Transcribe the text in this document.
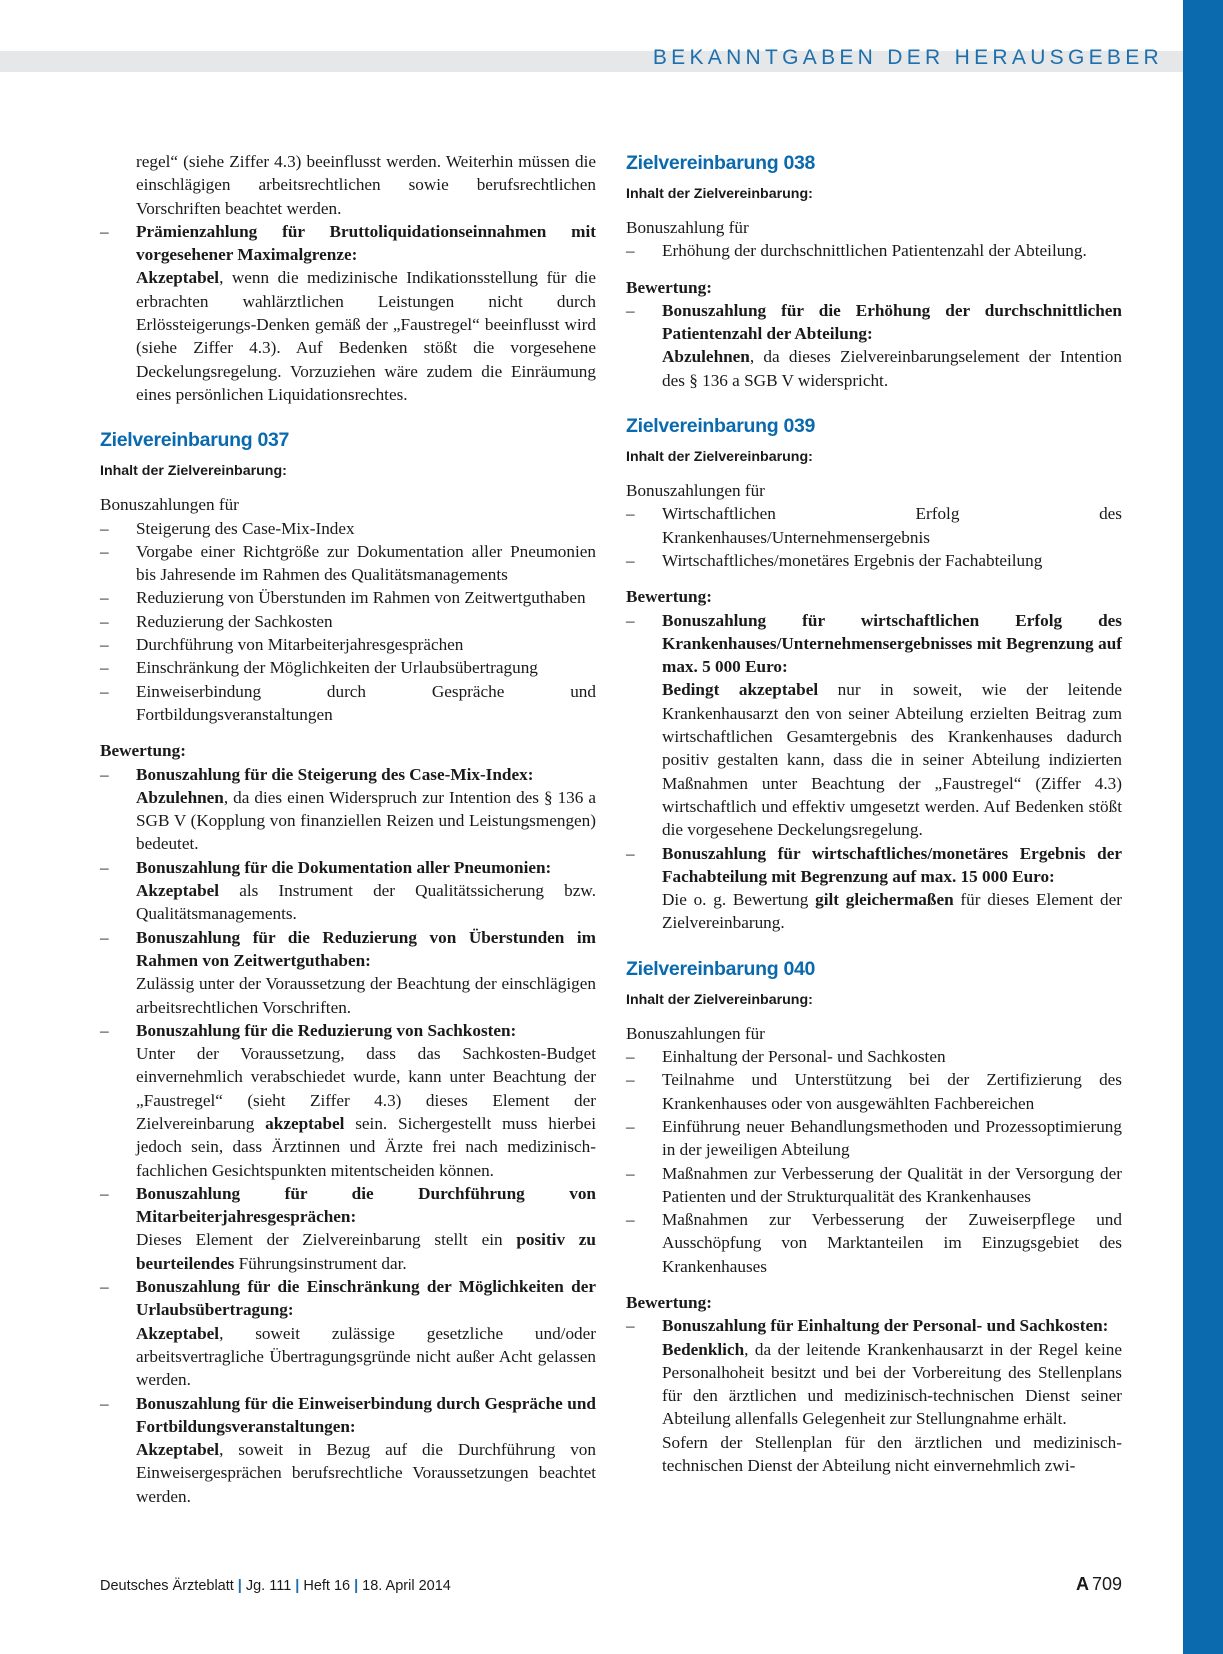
BEKANNTGABEN DER HERAUSGEBER

regel“ (siehe Ziffer 4.3) beeinflusst werden. Weiterhin müssen die einschlägigen arbeitsrechtlichen sowie berufsrechtlichen Vorschriften beachtet werden.

– Prämienzahlung für Bruttoliquidationseinnahmen mit vorgesehener Maximalgrenze:

Akzeptabel, wenn die medizinische Indikationsstellung für die erbrachten wahlärztlichen Leistungen nicht durch Erlössteigerungs-Denken gemäß der „Faustregel“ beeinflusst wird (siehe Ziffer 4.3). Auf Bedenken stößt die vorgesehene Deckelungsregelung. Vorzuziehen wäre zudem die Einräumung eines persönlichen Liquidationsrechtes.

Zielvereinbarung 037
Inhalt der Zielvereinbarung:

Bonuszahlungen für

– Steigerung des Case-Mix-Index
– Vorgabe einer Richtgröße zur Dokumentation aller Pneumonien bis Jahresende im Rahmen des Qualitätsmanagements
– Reduzierung von Überstunden im Rahmen von Zeitwertguthaben
– Reduzierung der Sachkosten
– Durchführung von Mitarbeiterjahresgesprächen
– Einschränkung der Möglichkeiten der Urlaubsübertragung
– Einweiserbindung durch Gespräche und Fortbildungsveranstaltungen

Bewertung:

– Bonuszahlung für die Steigerung des Case-Mix-Index:

Abzulehnen, da dies einen Widerspruch zur Intention des § 136 a SGB V (Kopplung von finanziellen Reizen und Leistungsmengen) bedeutet.

– Bonuszahlung für die Dokumentation aller Pneumonien:

Akzeptabel als Instrument der Qualitätssicherung bzw. Qualitätsmanagements.

– Bonuszahlung für die Reduzierung von Überstunden im Rahmen von Zeitwertguthaben:

Zulässig unter der Voraussetzung der Beachtung der einschlägigen arbeitsrechtlichen Vorschriften.

– Bonuszahlung für die Reduzierung von Sachkosten:

Unter der Voraussetzung, dass das Sachkosten-Budget einvernehmlich verabschiedet wurde, kann unter Beachtung der „Faustregel“ (sieht Ziffer 4.3) dieses Element der Zielvereinbarung akzeptabel sein. Sichergestellt muss hierbei jedoch sein, dass Ärztinnen und Ärzte frei nach medizinisch-fachlichen Gesichtspunkten mitentscheiden können.

– Bonuszahlung für die Durchführung von Mitarbeiterjahresgesprächen:

Dieses Element der Zielvereinbarung stellt ein positiv zu beurteilendes Führungsinstrument dar.

– Bonuszahlung für die Einschränkung der Möglichkeiten der Urlaubsübertragung:

Akzeptabel, soweit zulässige gesetzliche und/oder arbeitsvertragliche Übertragungsgründe nicht außer Acht gelassen werden.

– Bonuszahlung für die Einweiserbindung durch Gespräche und Fortbildungsveranstaltungen:

Akzeptabel, soweit in Bezug auf die Durchführung von Einweisergesprächen berufsrechtliche Voraussetzungen beachtet werden.

Zielvereinbarung 038
Inhalt der Zielvereinbarung:

Bonuszahlung für

– Erhöhung der durchschnittlichen Patientenzahl der Abteilung.

Bewertung:

– Bonuszahlung für die Erhöhung der durchschnittlichen Patientenzahl der Abteilung:

Abzulehnen, da dieses Zielvereinbarungselement der Intention des § 136 a SGB V widerspricht.

Zielvereinbarung 039
Inhalt der Zielvereinbarung:

Bonuszahlungen für

– Wirtschaftlichen Erfolg des Krankenhauses/Unternehmensergebnis
– Wirtschaftliches/monetäres Ergebnis der Fachabteilung

Bewertung:

– Bonuszahlung für wirtschaftlichen Erfolg des Krankenhauses/Unternehmensergebnisses mit Begrenzung auf max. 5 000 Euro:

Bedingt akzeptabel nur in soweit, wie der leitende Krankenhausarzt den von seiner Abteilung erzielten Beitrag zum wirtschaftlichen Gesamtergebnis des Krankenhauses dadurch positiv gestalten kann, dass die in seiner Abteilung indizierten Maßnahmen unter Beachtung der „Faustregel“ (Ziffer 4.3) wirtschaftlich und effektiv umgesetzt werden. Auf Bedenken stößt die vorgesehene Deckelungsregelung.

– Bonuszahlung für wirtschaftliches/monetäres Ergebnis der Fachabteilung mit Begrenzung auf max. 15 000 Euro:

Die o. g. Bewertung gilt gleichermaßen für dieses Element der Zielvereinbarung.

Zielvereinbarung 040
Inhalt der Zielvereinbarung:

Bonuszahlungen für

– Einhaltung der Personal- und Sachkosten
– Teilnahme und Unterstützung bei der Zertifizierung des Krankenhauses oder von ausgewählten Fachbereichen
– Einführung neuer Behandlungsmethoden und Prozessoptimierung in der jeweiligen Abteilung
– Maßnahmen zur Verbesserung der Qualität in der Versorgung der Patienten und der Strukturqualität des Krankenhauses
– Maßnahmen zur Verbesserung der Zuweiserpflege und Ausschöpfung von Marktanteilen im Einzugsgebiet des Krankenhauses

Bewertung:

– Bonuszahlung für Einhaltung der Personal- und Sachkosten:

Bedenklich, da der leitende Krankenhausarzt in der Regel keine Personalhoheit besitzt und bei der Vorbereitung des Stellenplans für den ärztlichen und medizinisch-technischen Dienst seiner Abteilung allenfalls Gelegenheit zur Stellungnahme erhält.

Sofern der Stellenplan für den ärztlichen und medizinisch-technischen Dienst der Abteilung nicht einvernehmlich zwi-

Deutsches Ärzteblatt | Jg. 111 | Heft 16 | 18. April 2014	A 709
